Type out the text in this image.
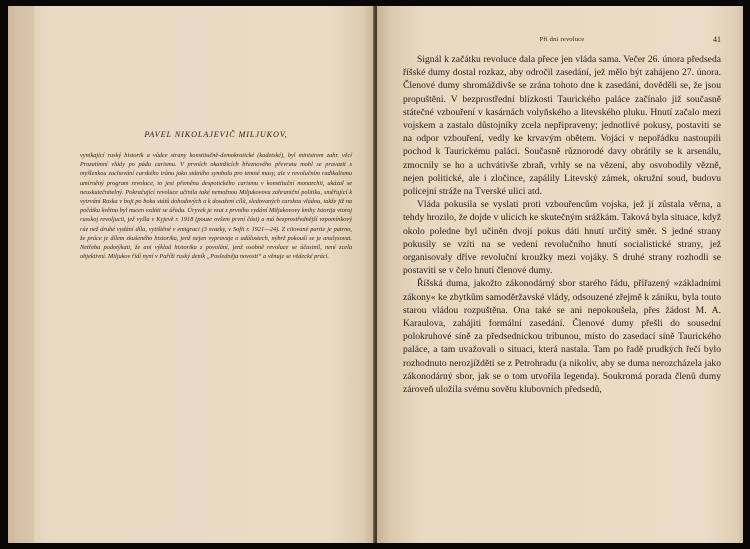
PAVEL NIKOLAJEVIČ MILJUKOV,

vynikající ruský historik a vůdce strany konstitučně-demokratické (kadetské), byl ministrem zahr. věcí Prozatímní vlády po pádu carismu. V prvních okamžicích březnového převratu mohl se pravazit s myšlenkou zachování carského trůnu jako státního symbolu pro temné masy, ale v revolučním radikalismu umírněný program revoluce, to jest přeměna despotického carismu v konstituční monarchii, ukázal se neuskutečnitelný. Pokračující revoluce učinila také nemožnou Miljukovovu zahraniční politiku, směřující k vytrvání Ruska v boji po boku států dohodových a k dosažení cílů, sledovaných carskou vládou, takže již na počátku května byl nucen vzdáti se úřadu. Úryvek je vzat z prvního vydání Miljukovovy knihy Istorija vtoroj russkoj revoljucii, jež vyšla v Kyjevě r. 1918 (pouze ovšem první část) a má bezprostřednější vzpomínkový ráz než druhé vydání díla, vytištěné v emigraci (3 svazky, v Sofii r. 1921—24). Z citované partie je patrno, že práce je dílem zkušeného historika, jenž nejen vypravuje o událostech, nýbrž pokouší se je analysovat. Netřeba podotýkati, že ani výklad historika z povolání, jenž osobně revoluce se účastnil, není zcela objektivní. Miljukov řídí nyní v Paříži ruský deník „Posledněja novosti“ a věnuje se vědecké práci.

Při dni revoluce	41

Signál k začátku revoluce dala přece jen vláda sama. Večer 26. února předseda říšské dumy dostal rozkaz, aby odročil zasedání, jež mělo být zahájeno 27. února. Členové dumy shromáždivše se zrána tohoto dne k zasedání, dověděli se, že jsou propuštěni. V bezprostřední blízkosti Taurického paláce začínalo již současně státečné vzbouření v kasárnách volyňského a litevského pluku. Hnutí začalo mezi vojskem a zastalo důstojníky zcela nepřipraveny; jednotlivé pokusy, postaviti se na odpor vzbouření, vedly ke krvavým obětem. Vojáci v nepořádku nastoupili pochod k Taurickému paláci. Současně různorodé davy obrátily se k arsenálu, zmocnily se ho a uchvátivše zbraň, vrhly se na vězení, aby osvobodily vězně, nejen politické, ale i zločince, zapálily Litevský zámek, okružní soud, budovu policejní stráže na Tverské ulici atd.

Vláda pokusila se vyslati proti vzbouřencům vojska, jež jí zůstala věrna, a tehdy hrozilo, že dojde v ulicích ke skutečným srážkám. Taková byla situace, když okolo poledne byl učiněn dvojí pokus dáti hnutí určitý směr. S jedné strany pokusily se vzíti na se vedení revolučního hnutí socialistické strany, jež organisovaly dříve revoluční kroužky mezi vojáky. S druhé strany rozhodli se postaviti se v čelo hnutí členové dumy.

Říšská duma, jakožto zákonodárný sbor starého řádu, přiřazený »základními zákony« ke zbytkům samoděržavské vlády, odsouzené zřejmě k zániku, byla touto starou vládou rozpuštěna. Ona také se ani nepokoušela, přes žádost M. A. Karaulova, zahájiti formální zasedání. Členové dumy přešli do sousední polokruhové síně za předsednickou tribunou, místo do zasedací síně Taurického paláce, a tam uvažovali o situaci, která nastala. Tam po řadě prudkých řečí bylo rozhodnuto nerozjížděti se z Petrohradu (a nikoliv, aby se duma nerozcházela jako zákonodárný sbor, jak se o tom utvořila legenda). Soukromá porada členů dumy zároveň uložila svému sovětu klubovních předsedů,
